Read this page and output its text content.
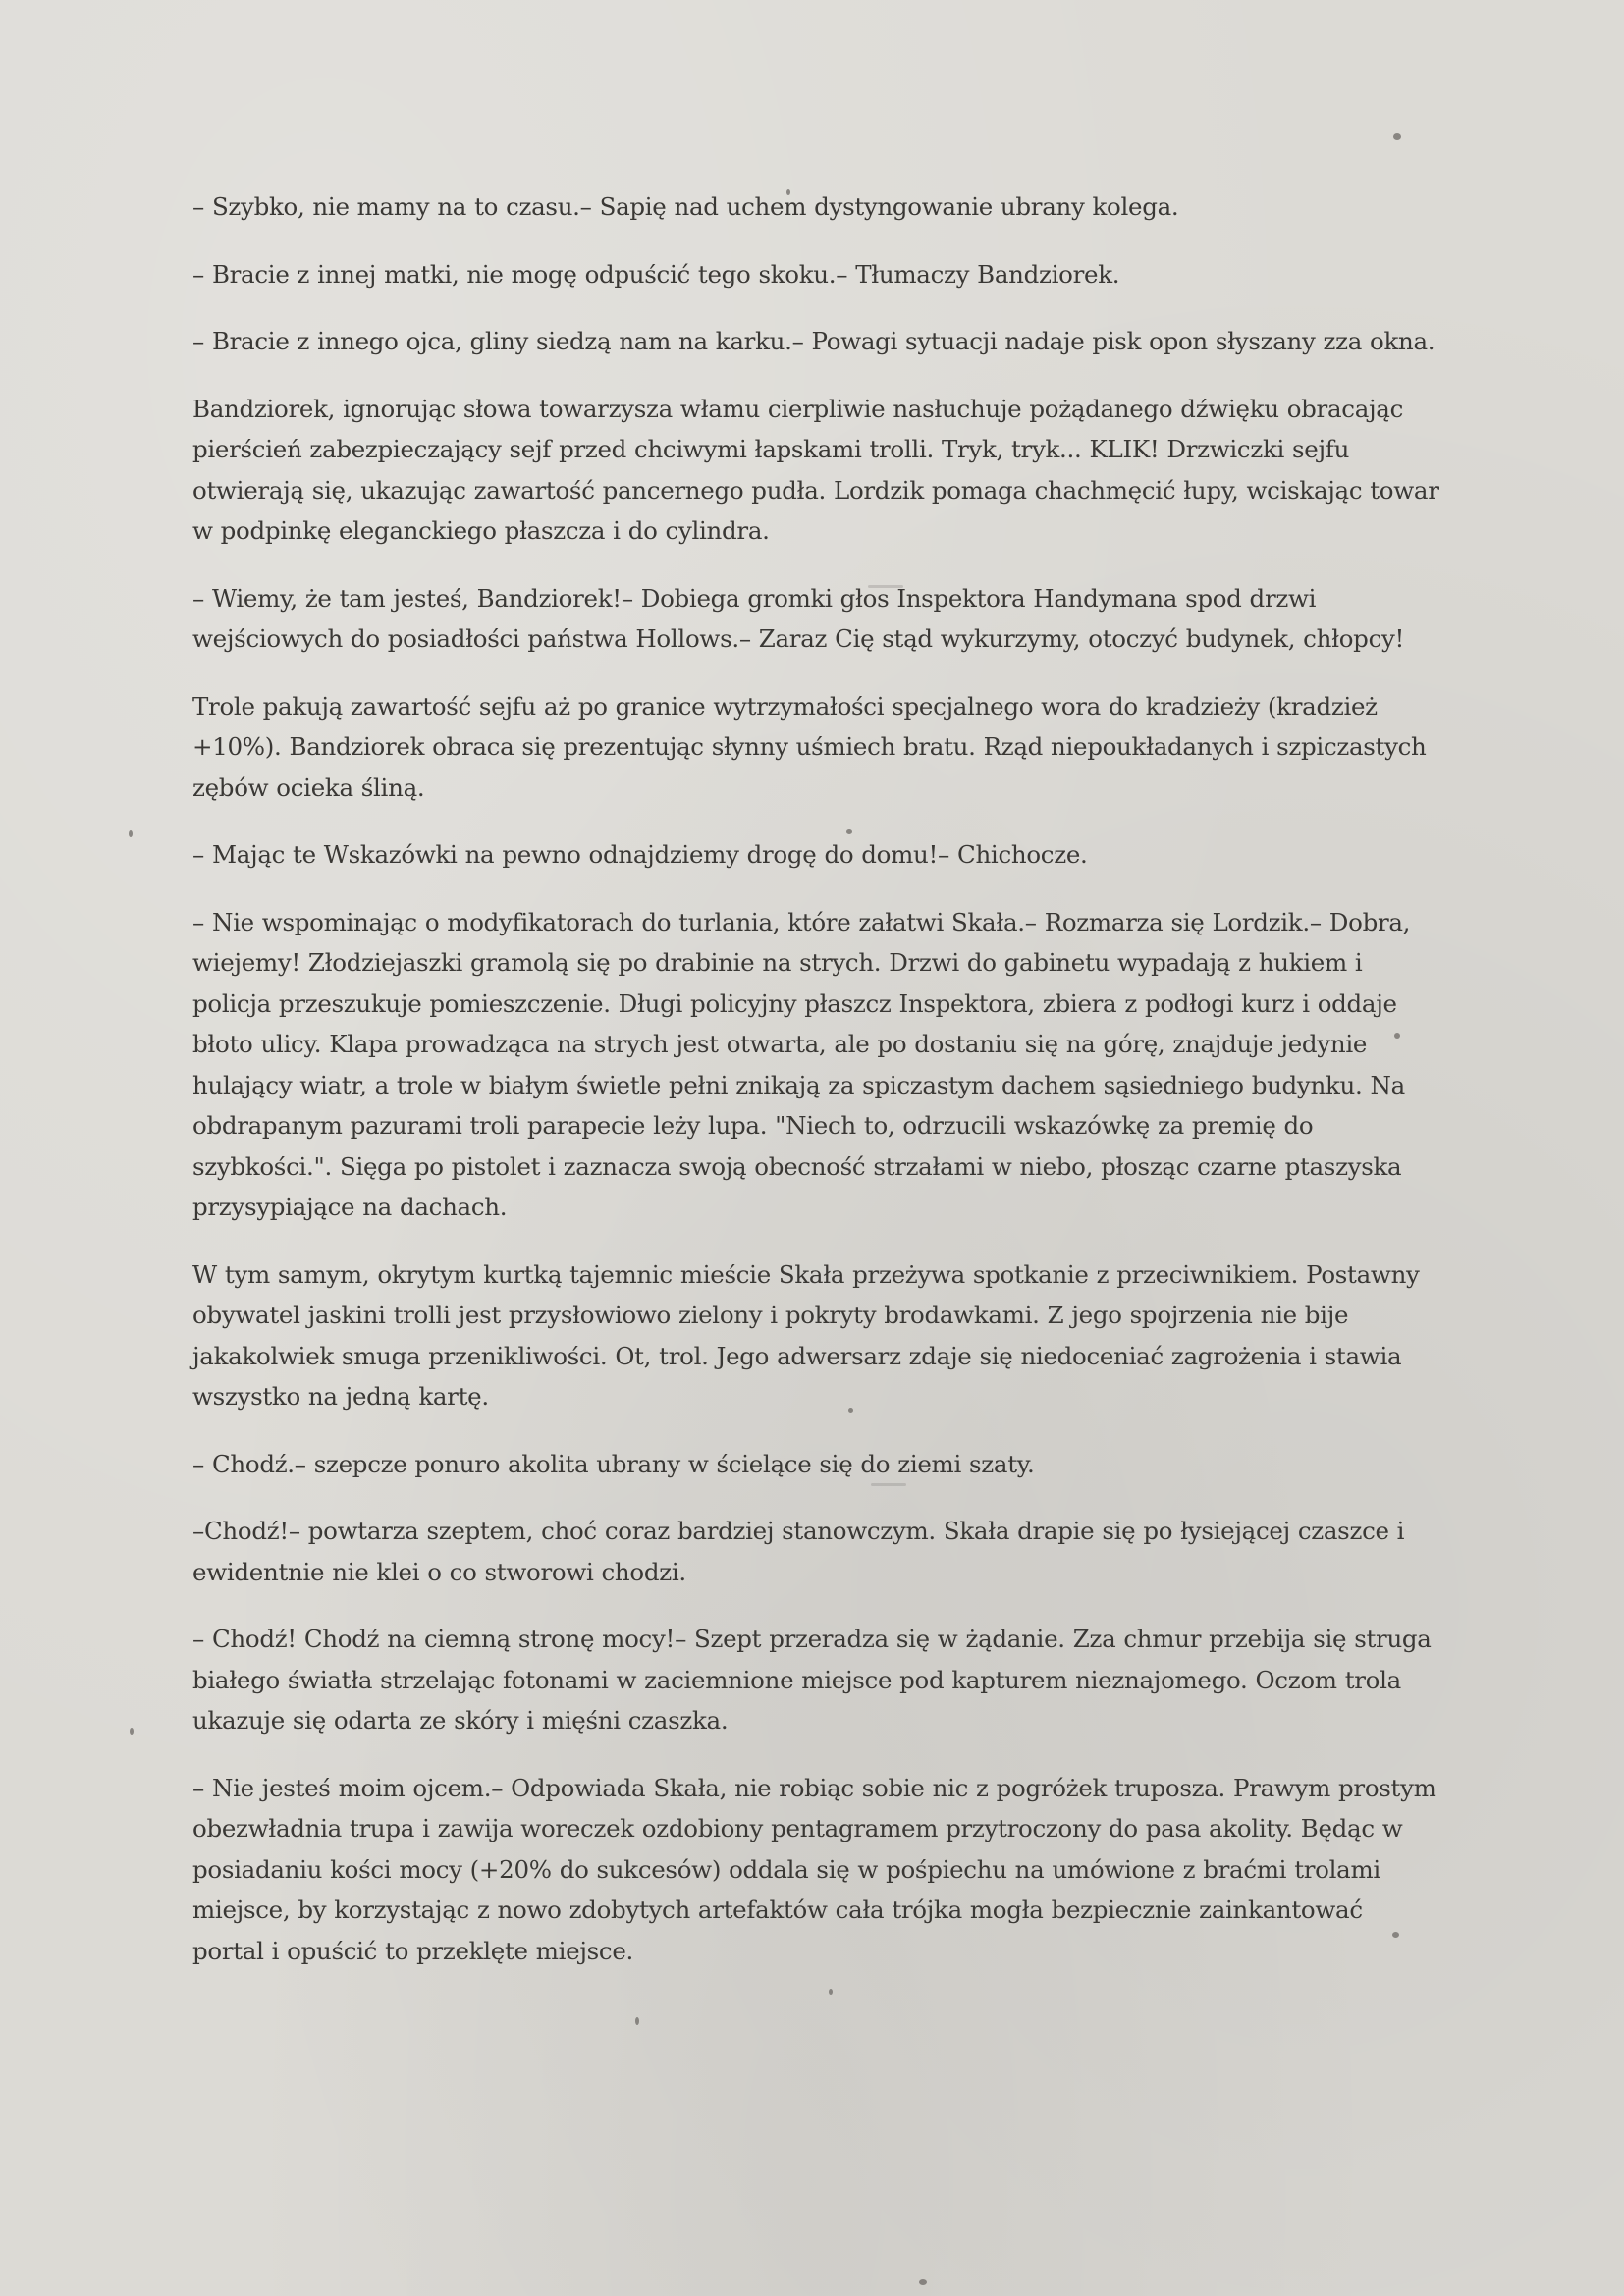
– Szybko, nie mamy na to czasu.– Sapię nad uchem dystyngowanie ubrany kolega.

– Bracie z innej matki, nie mogę odpuścić tego skoku.– Tłumaczy Bandziorek.

– Bracie z innego ojca, gliny siedzą nam na karku.– Powagi sytuacji nadaje pisk opon słyszany zza okna.

Bandziorek, ignorując słowa towarzysza włamu cierpliwie nasłuchuje pożądanego dźwięku obracając pierścień zabezpieczający sejf przed chciwymi łapskami trolli. Tryk, tryk... KLIK! Drzwiczki sejfu otwierają się, ukazując zawartość pancernego pudła. Lordzik pomaga chachmęcić łupy, wciskając towar w podpinkę eleganckiego płaszcza i do cylindra.

– Wiemy, że tam jesteś, Bandziorek!– Dobiega gromki głos Inspektora Handymana spod drzwi wejściowych do posiadłości państwa Hollows.– Zaraz Cię stąd wykurzymy, otoczyć budynek, chłopcy!

Trole pakują zawartość sejfu aż po granice wytrzymałości specjalnego wora do kradzieży (kradzież +10%). Bandziorek obraca się prezentując słynny uśmiech bratu. Rząd niepoukładanych i szpiczastych zębów ocieka śliną.

– Mając te Wskazówki na pewno odnajdziemy drogę do domu!– Chichocze.

– Nie wspominając o modyfikatorach do turlania, które załatwi Skała.– Rozmarza się Lordzik.– Dobra, wiejemy! Złodziejaszki gramolą się po drabinie na strych. Drzwi do gabinetu wypadają z hukiem i policja przeszukuje pomieszczenie. Długi policyjny płaszcz Inspektora, zbiera z podłogi kurz i oddaje błoto ulicy. Klapa prowadząca na strych jest otwarta, ale po dostaniu się na górę, znajduje jedynie hulający wiatr, a trole w białym świetle pełni znikają za spiczastym dachem sąsiedniego budynku. Na obdrapanym pazurami troli parapecie leży lupa. "Niech to, odrzucili wskazówkę za premię do szybkości.". Sięga po pistolet i zaznacza swoją obecność strzałami w niebo, płosząc czarne ptaszyska przysypiające na dachach.

W tym samym, okrytym kurtką tajemnic mieście Skała przeżywa spotkanie z przeciwnikiem. Postawny obywatel jaskini trolli jest przysłowiowo zielony i pokryty brodawkami. Z jego spojrzenia nie bije jakakolwiek smuga przenikliwości. Ot, trol. Jego adwersarz zdaje się niedoceniać zagrożenia i stawia wszystko na jedną kartę.

– Chodź.– szepcze ponuro akolita ubrany w ścielące się do ziemi szaty.

–Chodź!– powtarza szeptem, choć coraz bardziej stanowczym. Skała drapie się po łysiejącej czaszce i ewidentnie nie klei o co stworowi chodzi.

– Chodź! Chodź na ciemną stronę mocy!– Szept przeradza się w żądanie. Zza chmur przebija się struga białego światła strzelając fotonami w zaciemnione miejsce pod kapturem nieznajomego. Oczom trola ukazuje się odarta ze skóry i mięśni czaszka.

– Nie jesteś moim ojcem.– Odpowiada Skała, nie robiąc sobie nic z pogróżek truposza. Prawym prostym obezwładnia trupa i zawija woreczek ozdobiony pentagramem przytroczony do pasa akolity. Będąc w posiadaniu kości mocy (+20% do sukcesów) oddala się w pośpiechu na umówione z braćmi trolami miejsce, by korzystając z nowo zdobytych artefaktów cała trójka mogła bezpiecznie zainkantować portal i opuścić to przeklęte miejsce.
